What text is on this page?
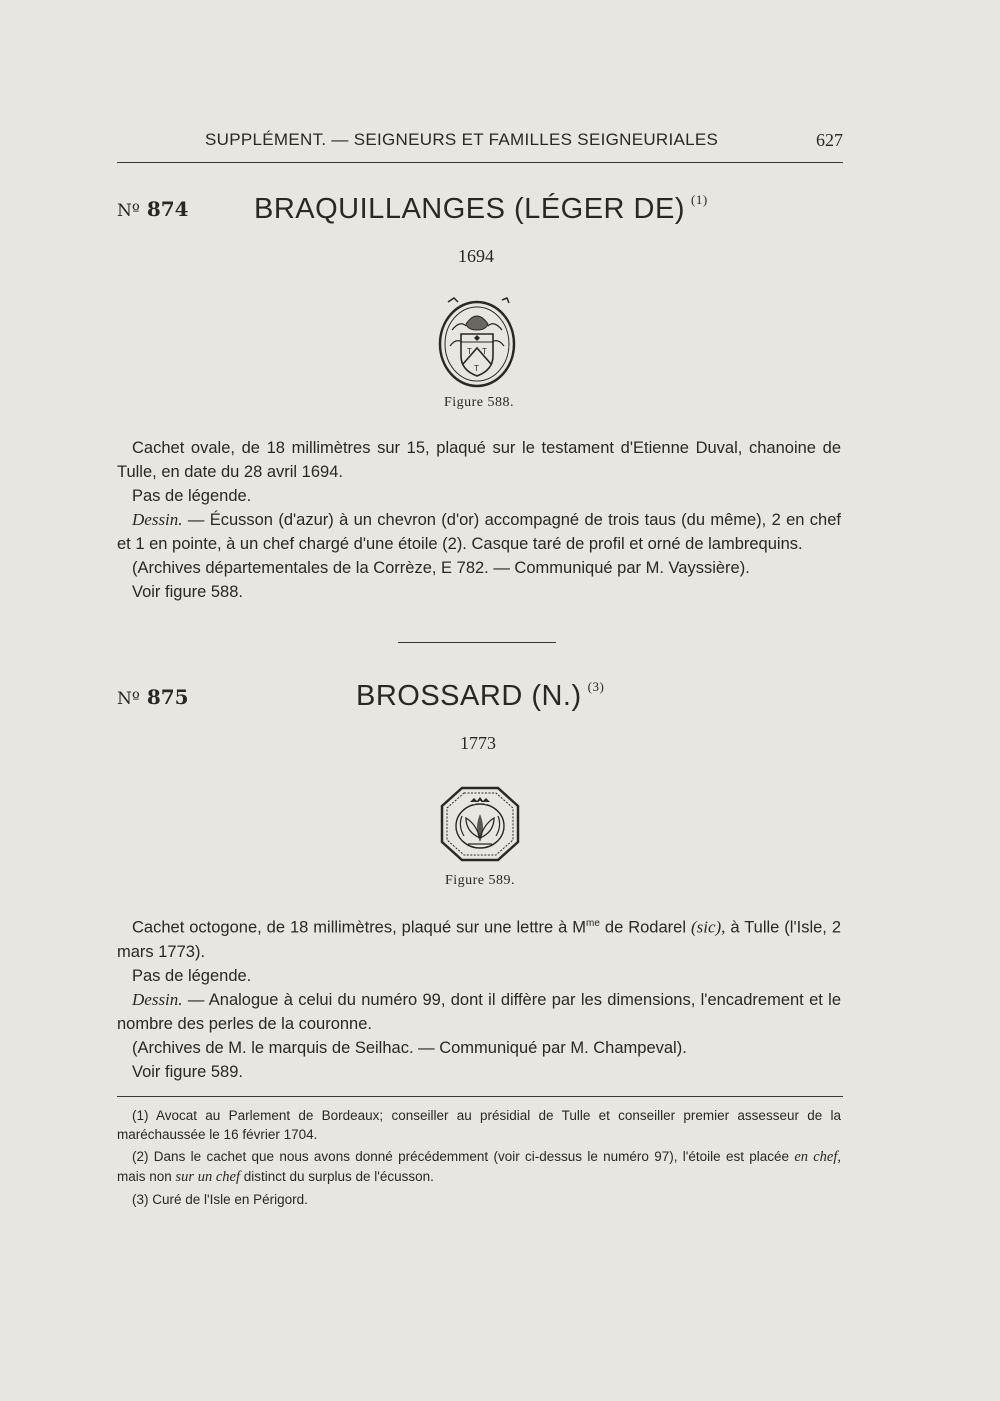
SUPPLÉMENT. — SEIGNEURS ET FAMILLES SEIGNEURIALES	627
Nº 874 BRAQUILLANGES (LÉGER DE) $^{(1)}$
1694
T T
T
Figure 588.

Cachet ovale, de 18 millimètres sur 15, plaqué sur le testament d'Etienne Duval, chanoine de Tulle, en date du 28 avril 1694.

Pas de légende.

Dessin. — Écusson (d'azur) à un chevron (d'or) accompagné de trois taus (du même), 2 en chef et 1 en pointe, à un chef chargé d'une étoile (2). Casque taré de profil et orné de lambrequins.

(Archives départementales de la Corrèze, E 782. — Communiqué par M. Vayssière).

Voir figure 588.

Nº 875	BROSSARD (N.) $^{(3)}$
1773
Figure 589.

Cachet octogone, de 18 millimètres, plaqué sur une lettre à $M^{me}$ de Rodarel (sic), à Tulle (l'Isle, 2 mars 1773).

Pas de légende.

Dessin. — Analogue à celui du numéro 99, dont il diffère par les dimensions, l'encadrement et le nombre des perles de la couronne.

(Archives de M. le marquis de Seilhac. — Communiqué par M. Champeval).

Voir figure 589.

(1) Avocat au Parlement de Bordeaux; conseiller au présidial de Tulle et conseiller premier assesseur de la maréchaussée le 16 février 1704.

(2) Dans le cachet que nous avons donné précédemment (voir ci-dessus le numéro 97), l'étoile est placée en chef, mais non sur un chef distinct du surplus de l'écusson.

(3) Curé de l'Isle en Périgord.
